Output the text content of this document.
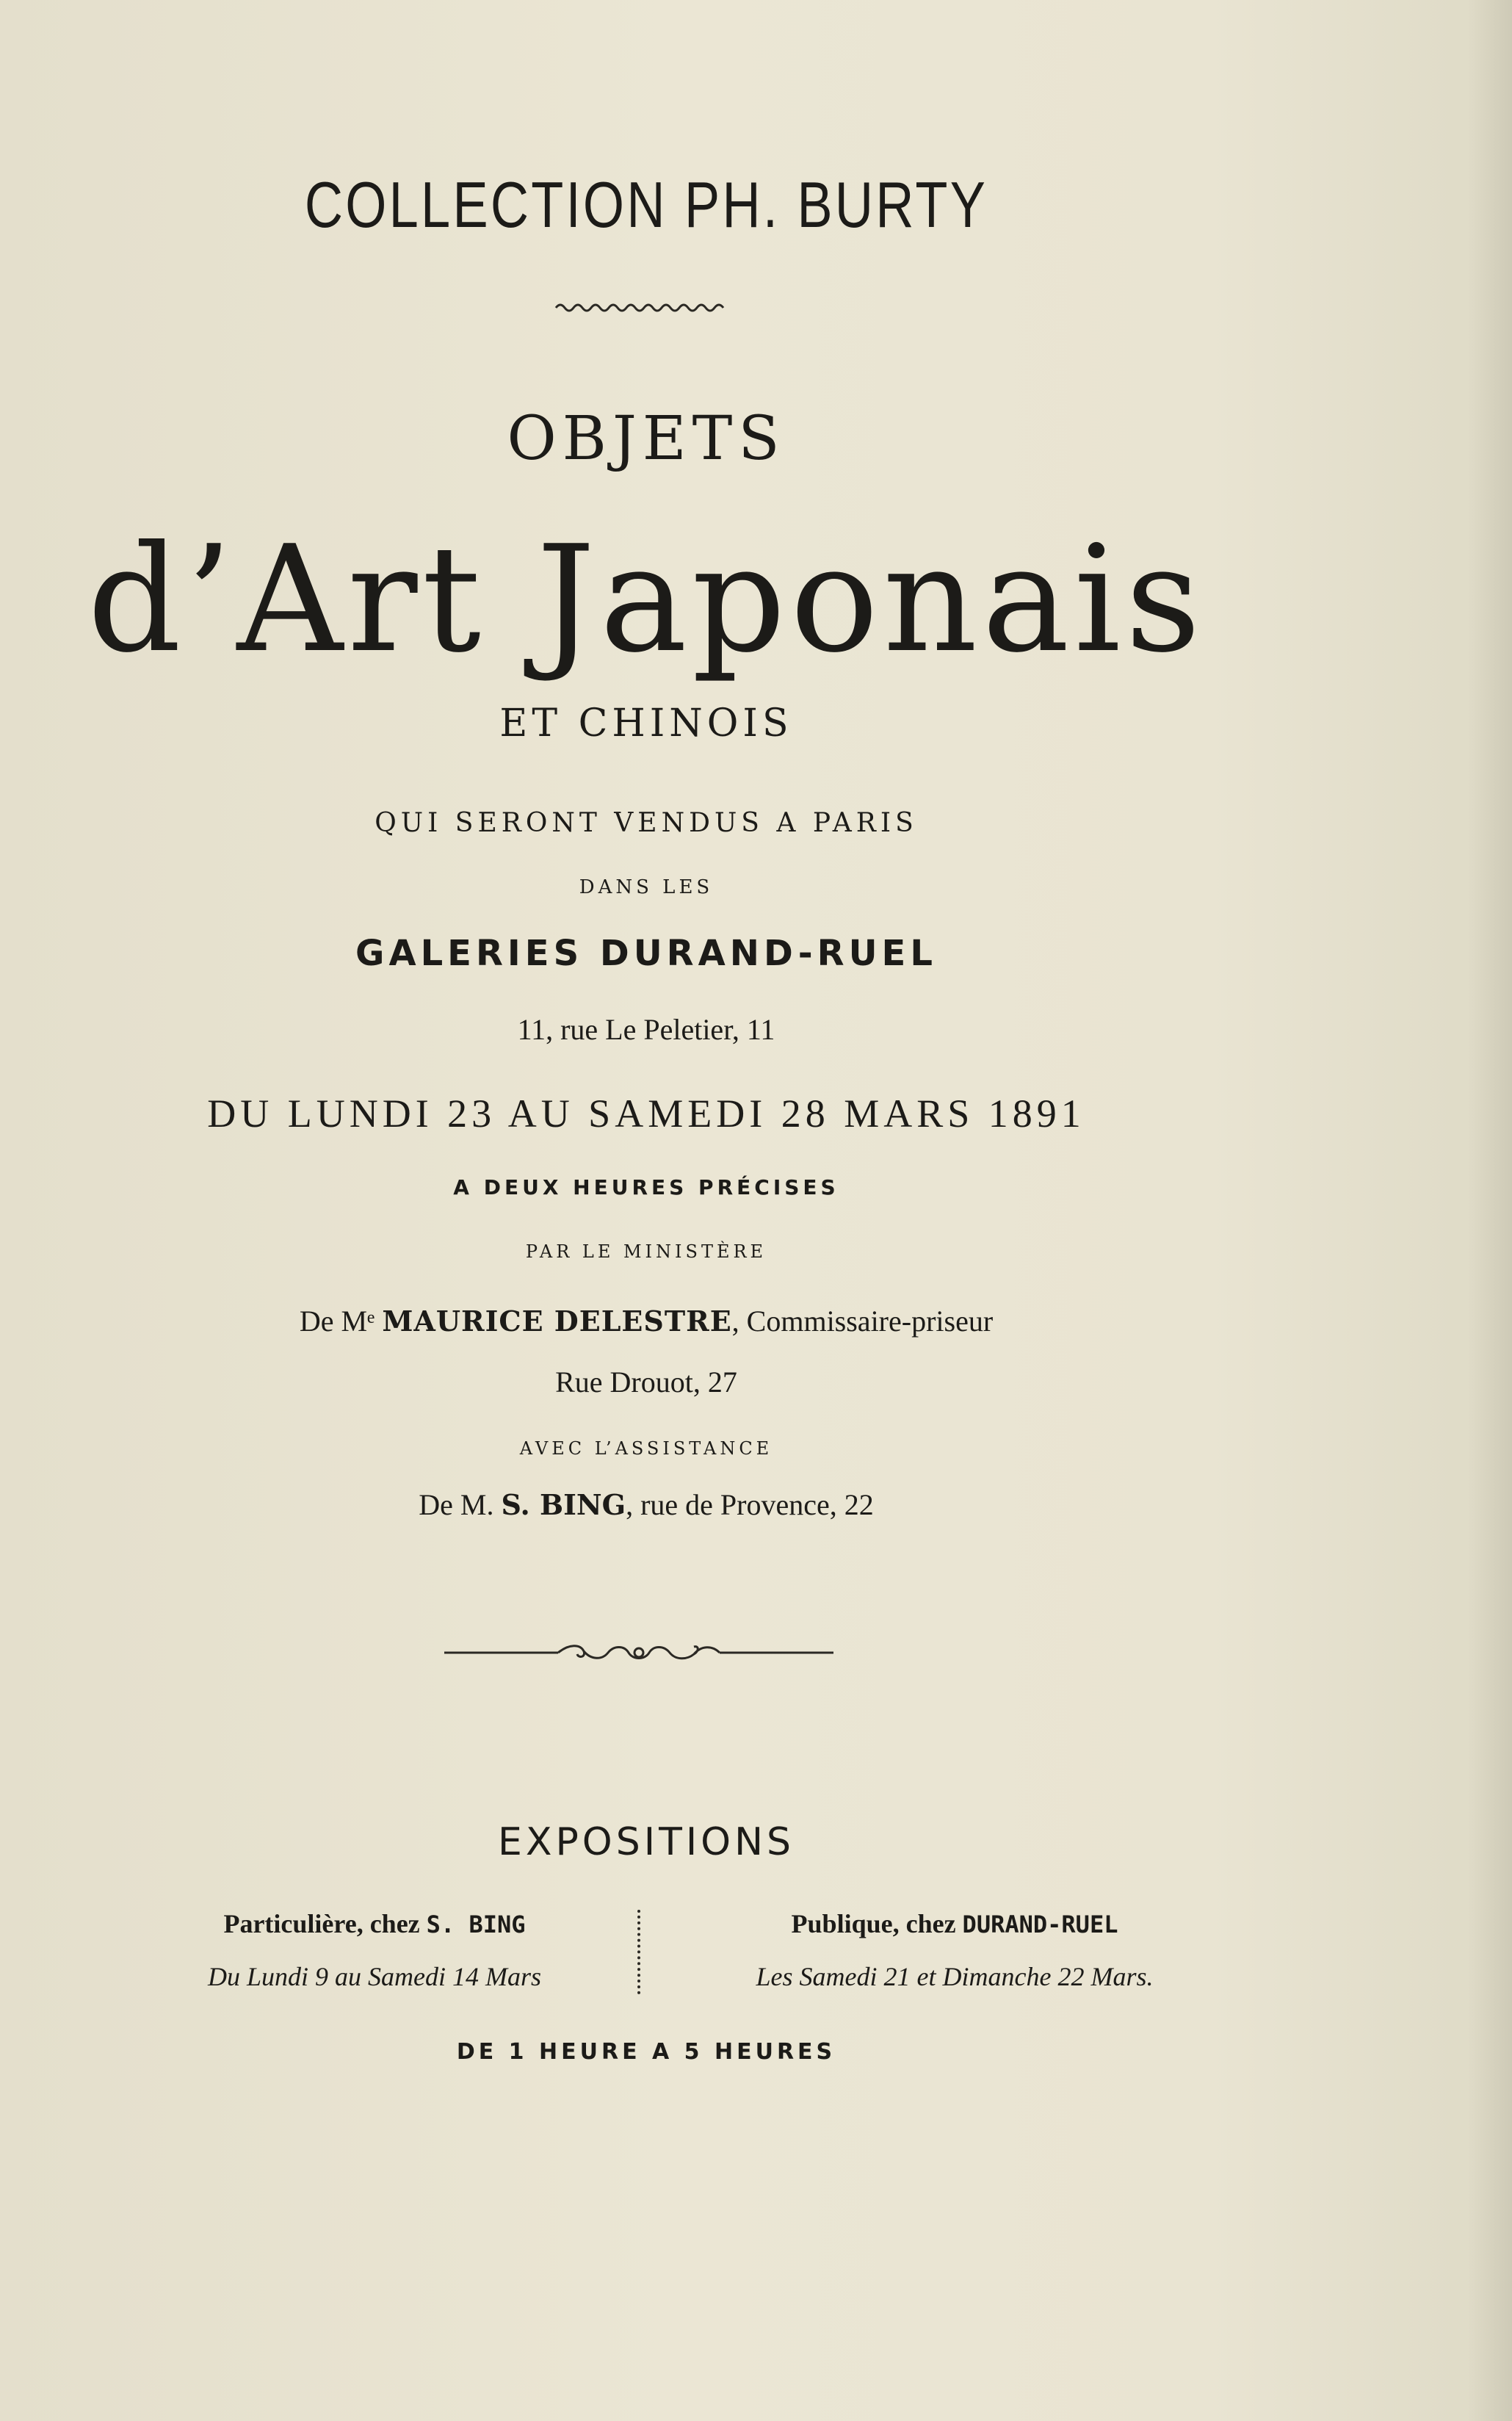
COLLECTION PH. BURTY
OBJETS
d’Art Japonais
ET CHINOIS
QUI SERONT VENDUS A PARIS
DANS LES
GALERIES DURAND-RUEL
11, rue Le Peletier, 11
DU LUNDI 23 AU SAMEDI 28 MARS 1891
A DEUX HEURES PRÉCISES
PAR LE MINISTÈRE
De Mᵉ MAURICE DELESTRE, Commissaire-priseur
Rue Drouot, 27
AVEC L’ASSISTANCE
De M. S. BING, rue de Provence, 22
EXPOSITIONS
Particulière, chez S. BING
Du Lundi 9 au Samedi 14 Mars
Publique, chez DURAND-RUEL
Les Samedi 21 et Dimanche 22 Mars.
DE 1 HEURE A 5 HEURES
